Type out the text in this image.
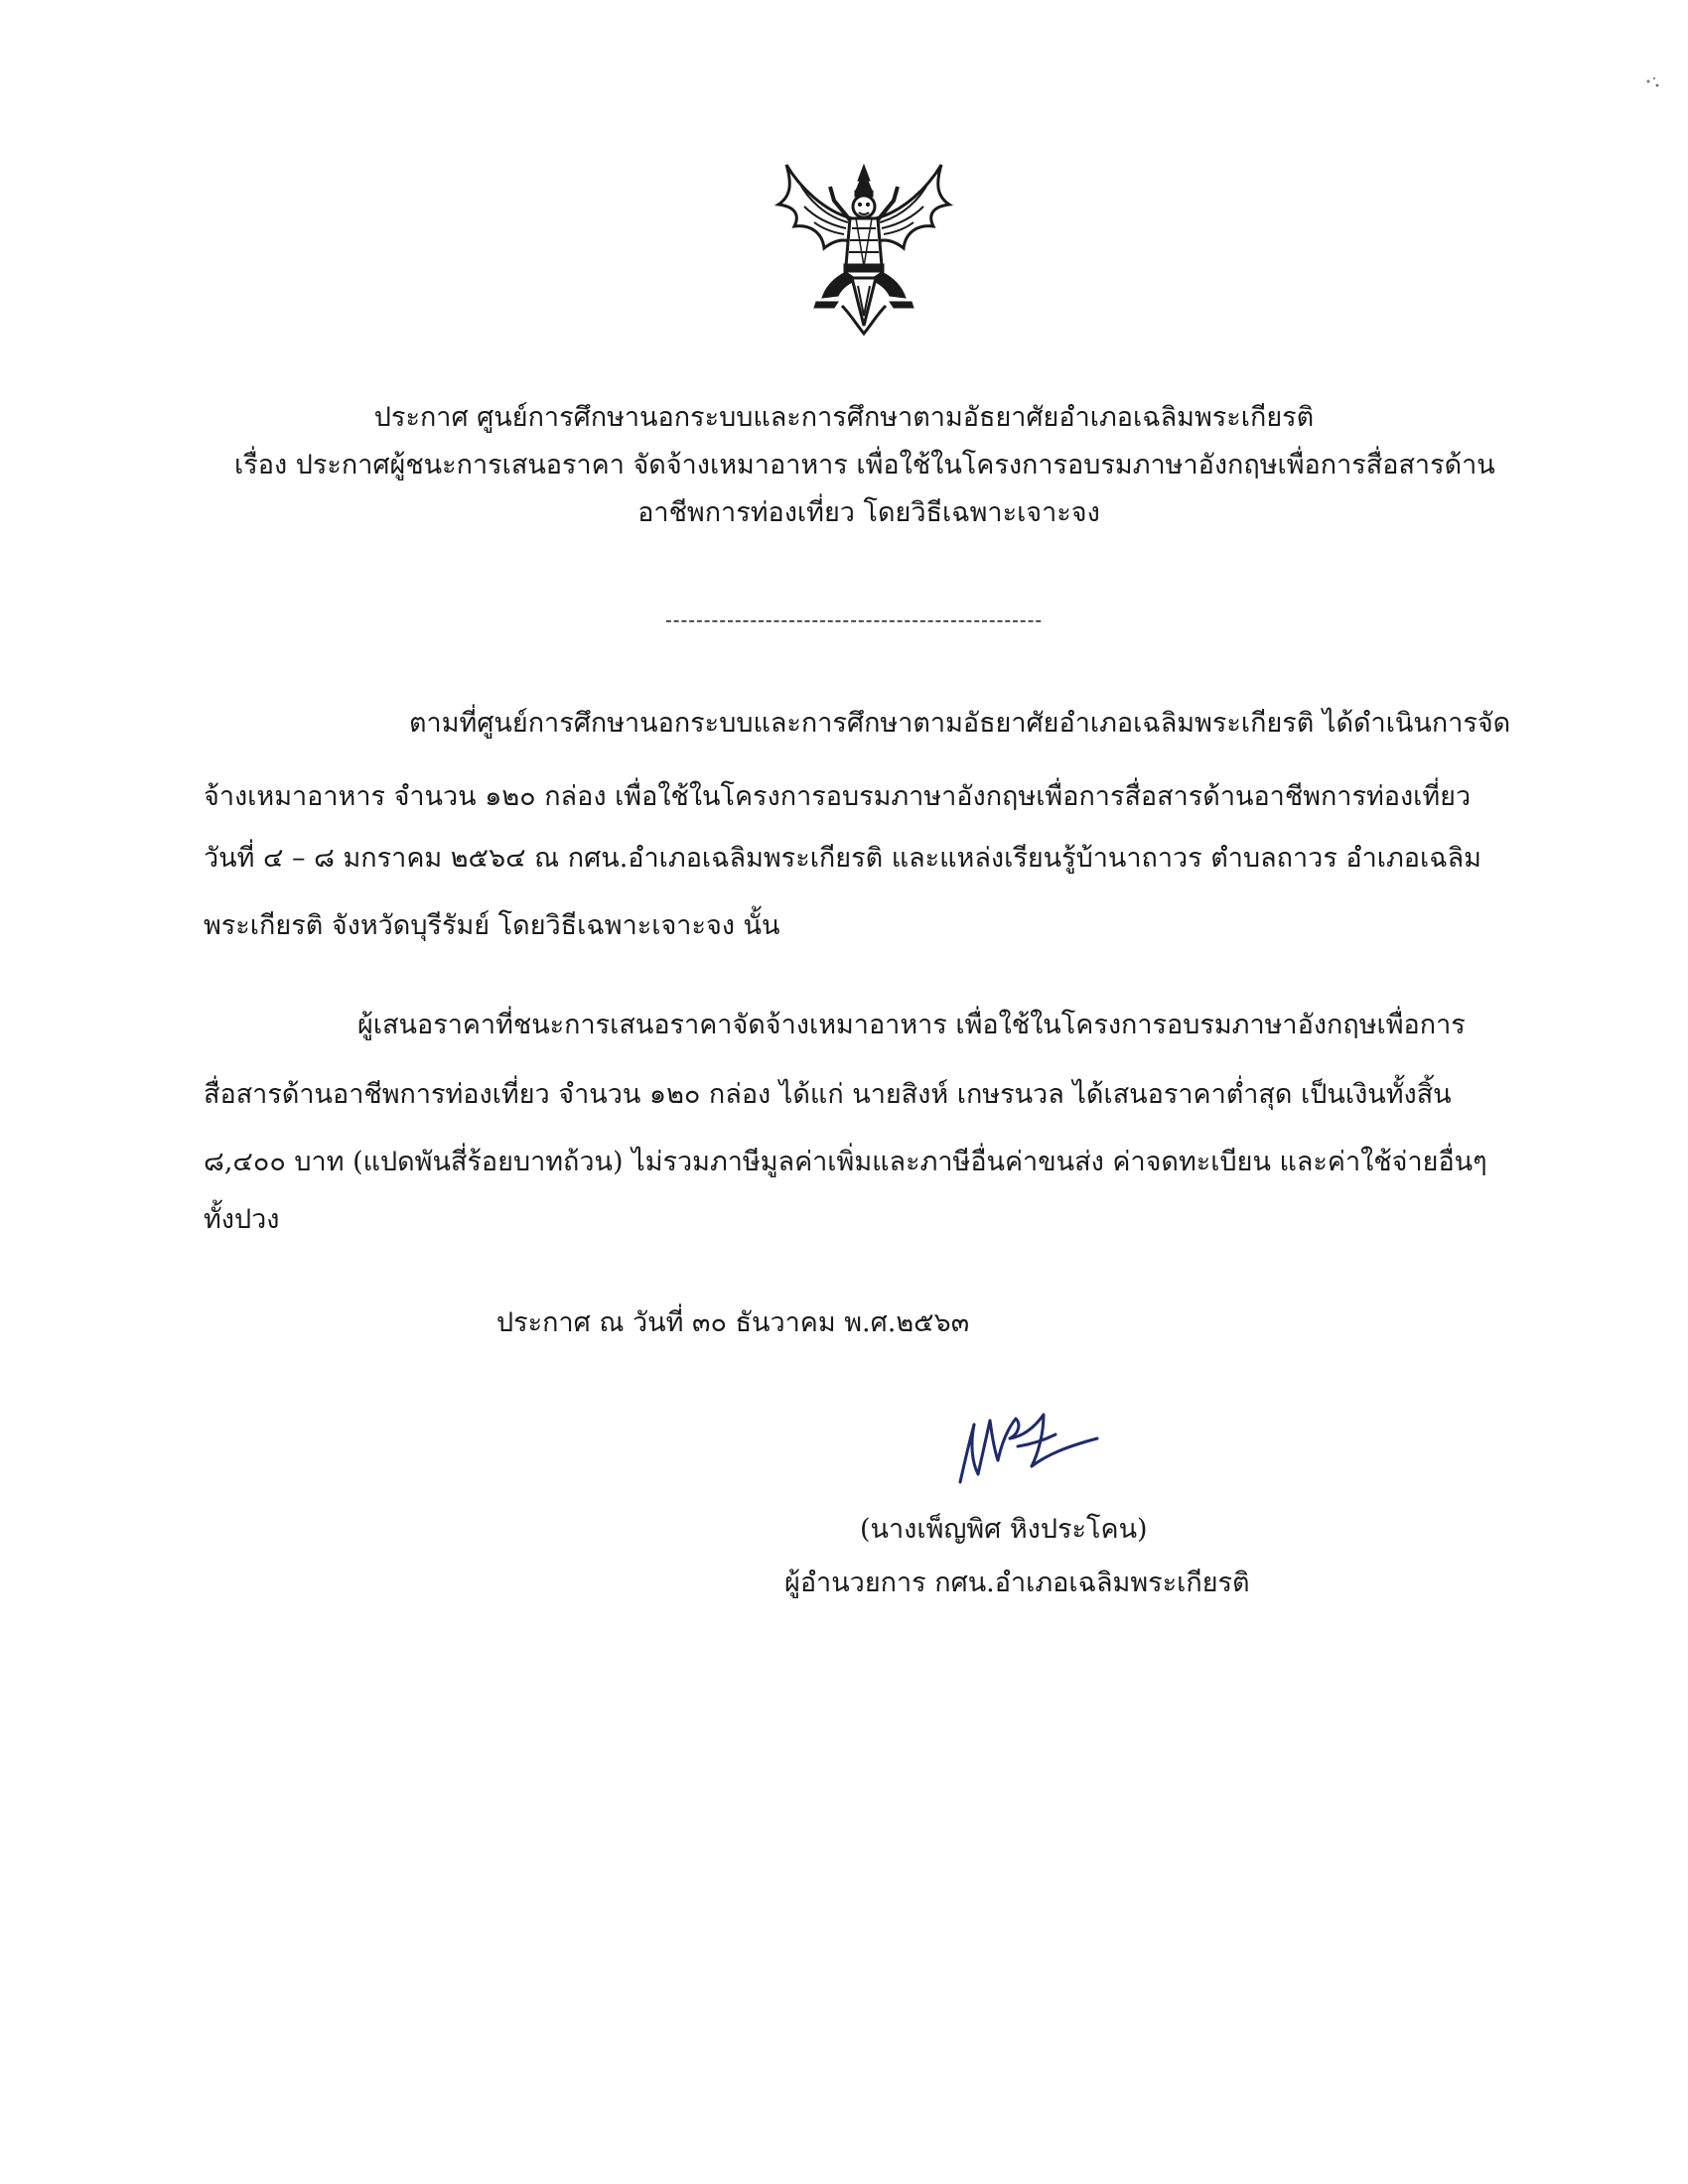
ประกาศ ศูนย์การศึกษานอกระบบและการศึกษาตามอัธยาศัยอำเภอเฉลิมพระเกียรติ
เรื่อง ประกาศผู้ชนะการเสนอราคา จัดจ้างเหมาอาหาร เพื่อใช้ในโครงการอบรมภาษาอังกฤษเพื่อการสื่อสารด้าน
อาชีพการท่องเที่ยว โดยวิธีเฉพาะเจาะจง
-------------------------------------------------
ตามที่ศูนย์การศึกษานอกระบบและการศึกษาตามอัธยาศัยอำเภอเฉลิมพระเกียรติ ได้ดำเนินการจัด
จ้างเหมาอาหาร จำนวน ๑๒๐ กล่อง เพื่อใช้ในโครงการอบรมภาษาอังกฤษเพื่อการสื่อสารด้านอาชีพการท่องเที่ยว
วันที่ ๔ – ๘ มกราคม ๒๕๖๔ ณ กศน.อำเภอเฉลิมพระเกียรติ และแหล่งเรียนรู้บ้านาถาวร ตำบลถาวร อำเภอเฉลิม
พระเกียรติ จังหวัดบุรีรัมย์ โดยวิธีเฉพาะเจาะจง นั้น
ผู้เสนอราคาที่ชนะการเสนอราคาจัดจ้างเหมาอาหาร เพื่อใช้ในโครงการอบรมภาษาอังกฤษเพื่อการ
สื่อสารด้านอาชีพการท่องเที่ยว จำนวน ๑๒๐ กล่อง ได้แก่ นายสิงห์ เกษรนวล ได้เสนอราคาต่ำสุด เป็นเงินทั้งสิ้น
๘,๔๐๐ บาท (แปดพันสี่ร้อยบาทถ้วน) ไม่รวมภาษีมูลค่าเพิ่มและภาษีอื่นค่าขนส่ง ค่าจดทะเบียน และค่าใช้จ่ายอื่นๆ
ทั้งปวง
ประกาศ ณ วันที่ ๓๐ ธันวาคม พ.ศ.๒๕๖๓
(นางเพ็ญพิศ หิงประโคน)
ผู้อำนวยการ กศน.อำเภอเฉลิมพระเกียรติ
